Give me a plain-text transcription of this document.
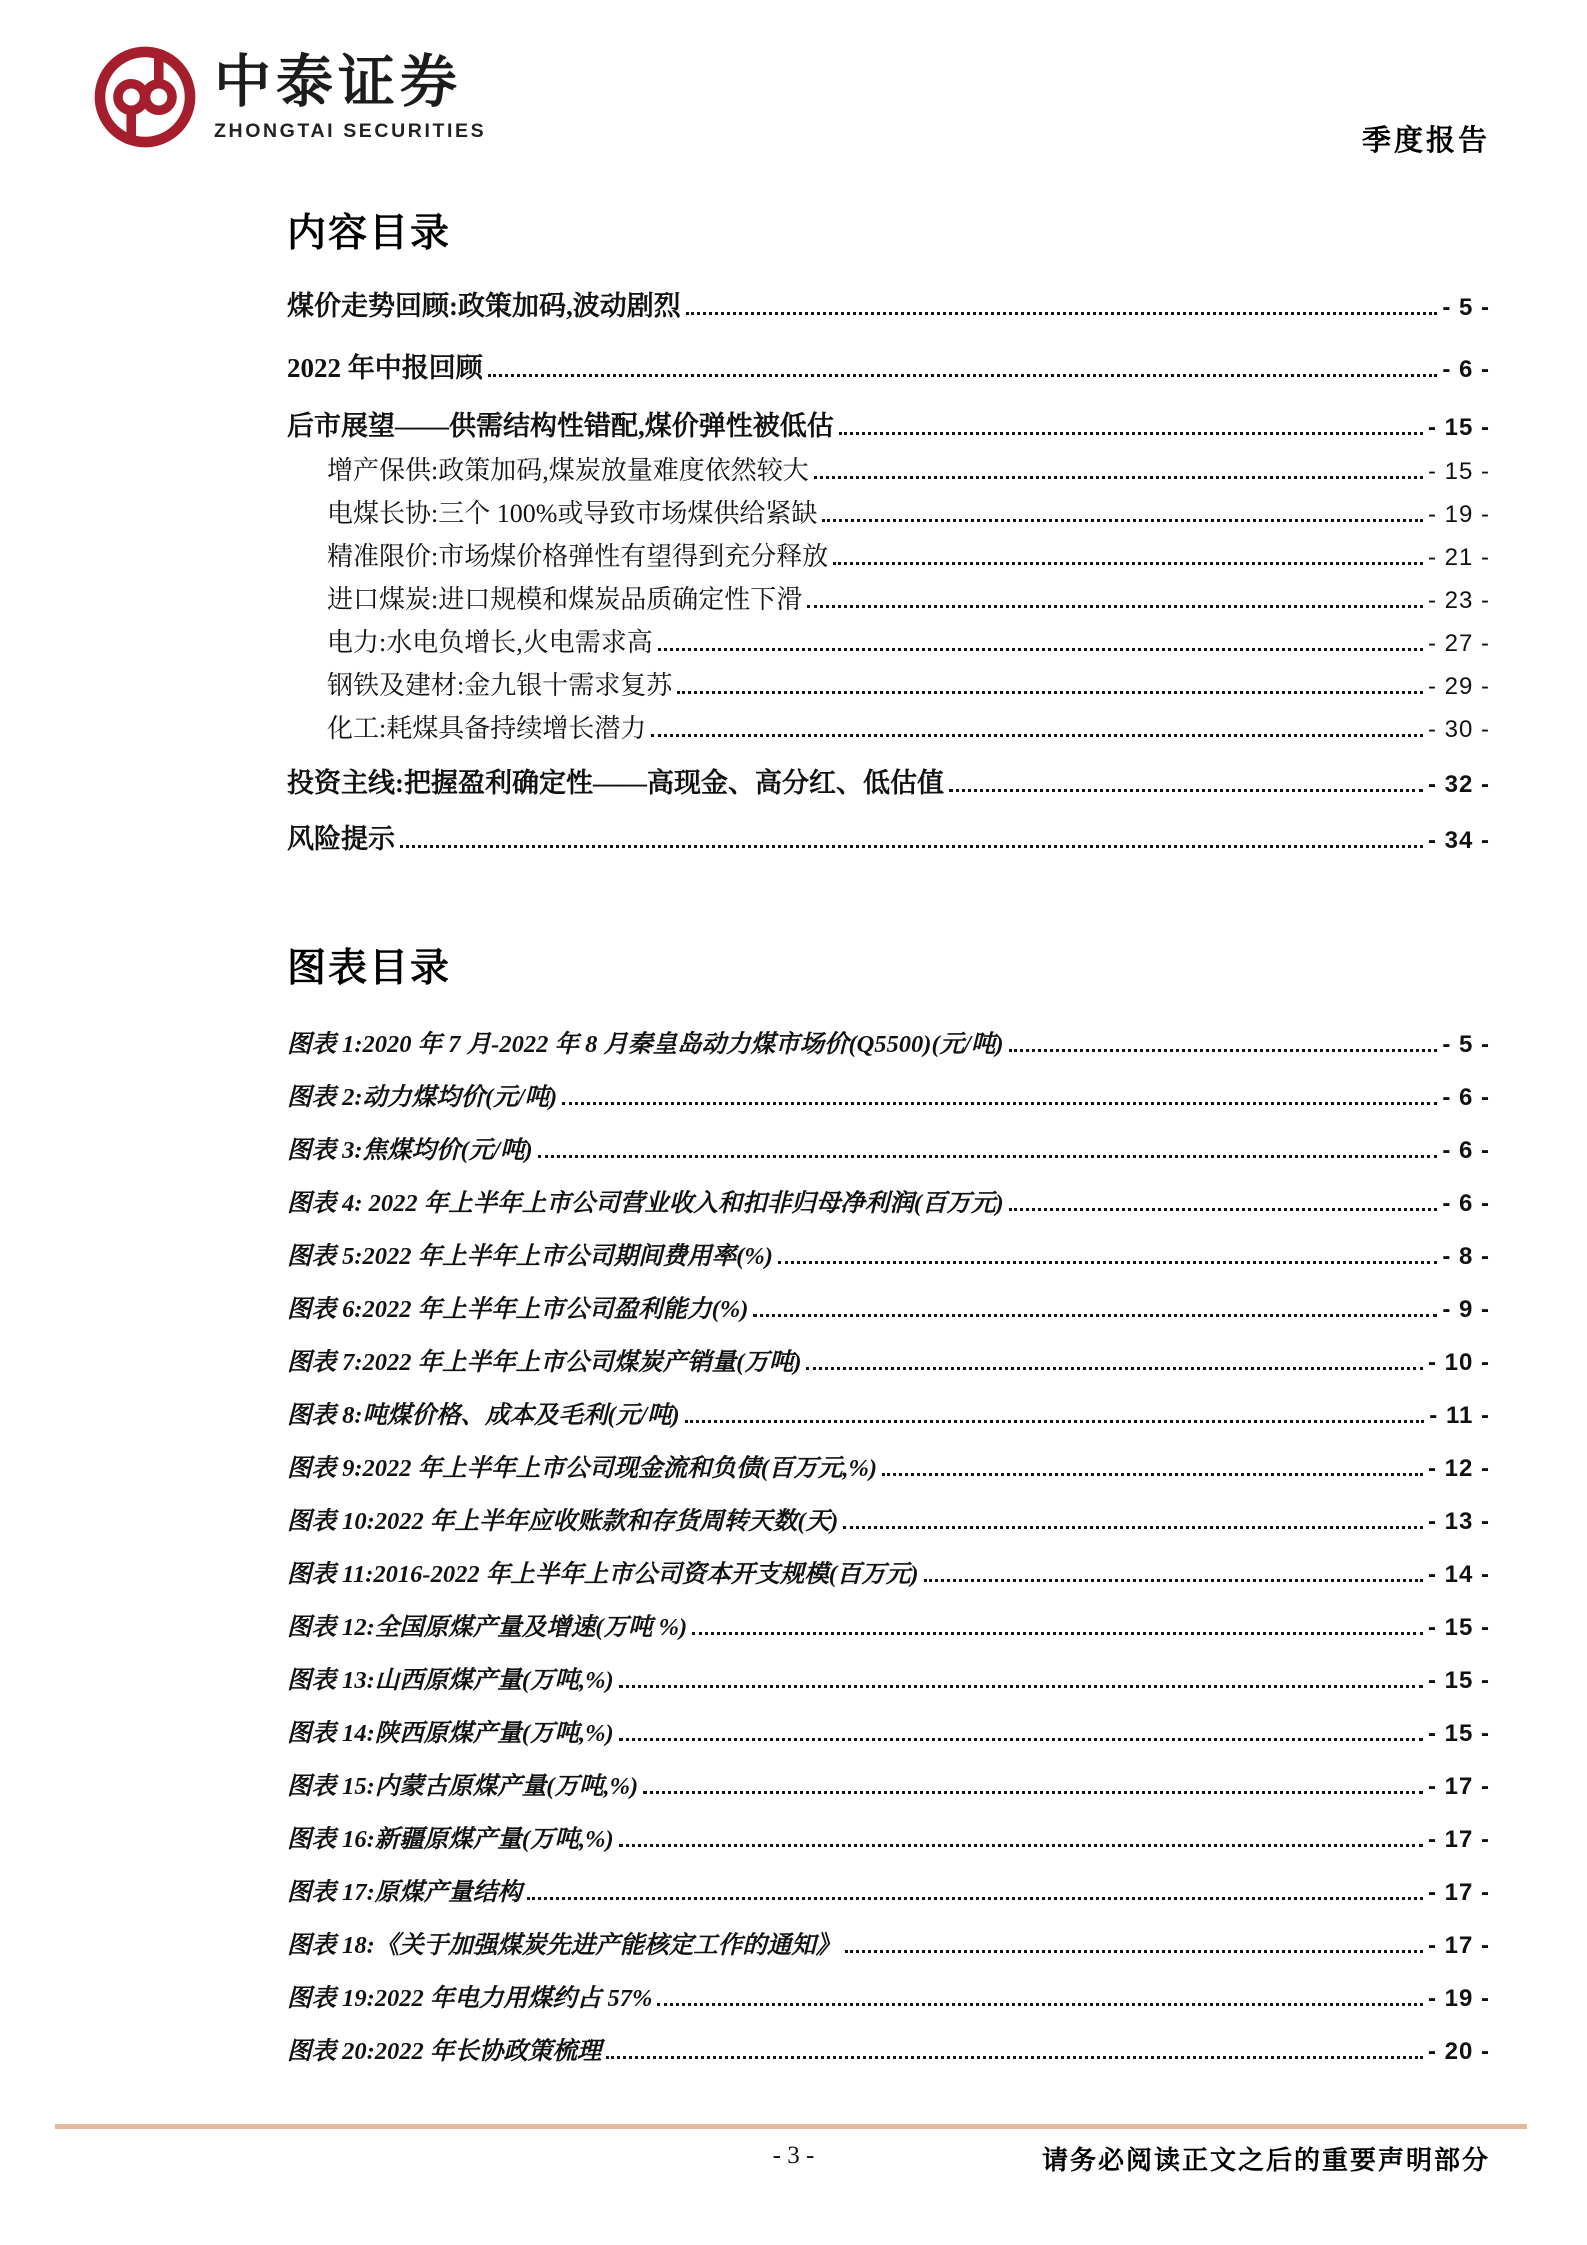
中泰证券
ZHONGTAI SECURITIES	季度报告
内容目录
煤价走势回顾:政策加码,波动剧烈	- 5 -
2022 年中报回顾	- 6 -
后市展望——供需结构性错配,煤价弹性被低估	- 15 -
增产保供:政策加码,煤炭放量难度依然较大	- 15 -
电煤长协:三个 100%或导致市场煤供给紧缺	- 19 -
精准限价:市场煤价格弹性有望得到充分释放	- 21 -
进口煤炭:进口规模和煤炭品质确定性下滑	- 23 -
电力:水电负增长,火电需求高	- 27 -
钢铁及建材:金九银十需求复苏	- 29 -
化工:耗煤具备持续增长潜力	- 30 -
投资主线:把握盈利确定性——高现金、高分红、低估值	- 32 -
风险提示	- 34 -
图表目录
图表 1:2020 年 7 月-2022 年 8 月秦皇岛动力煤市场价(Q5500)(元/吨)	- 5 -
图表 2:动力煤均价(元/吨)	- 6 -
图表 3:焦煤均价(元/吨)	- 6 -
图表 4: 2022 年上半年上市公司营业收入和扣非归母净利润(百万元)	- 6 -
图表 5:2022 年上半年上市公司期间费用率(%)	- 8 -
图表 6:2022 年上半年上市公司盈利能力(%)	- 9 -
图表 7:2022 年上半年上市公司煤炭产销量(万吨)	- 10 -
图表 8:吨煤价格、成本及毛利(元/吨)	- 11 -
图表 9:2022 年上半年上市公司现金流和负债(百万元,%)	- 12 -
图表 10:2022 年上半年应收账款和存货周转天数(天)	- 13 -
图表 11:2016-2022 年上半年上市公司资本开支规模(百万元)	- 14 -
图表 12:全国原煤产量及增速(万吨 %)	- 15 -
图表 13:山西原煤产量(万吨,%)	- 15 -
图表 14:陕西原煤产量(万吨,%)	- 15 -
图表 15:内蒙古原煤产量(万吨,%)	- 17 -
图表 16:新疆原煤产量(万吨,%)	- 17 -
图表 17:原煤产量结构	- 17 -
图表 18:《关于加强煤炭先进产能核定工作的通知》	- 17 -
图表 19:2022 年电力用煤约占 57%	- 19 -
图表 20:2022 年长协政策梳理	- 20 -
- 3 -	请务必阅读正文之后的重要声明部分
